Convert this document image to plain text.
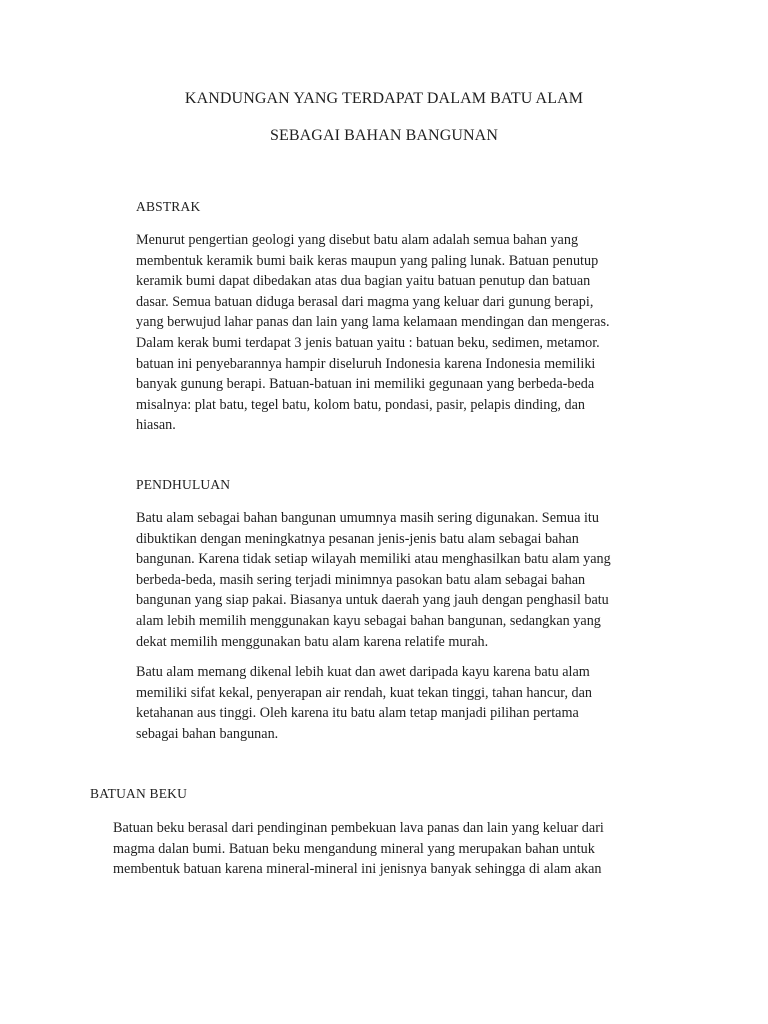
KANDUNGAN YANG TERDAPAT DALAM BATU ALAM
SEBAGAI BAHAN BANGUNAN
ABSTRAK

Menurut pengertian geologi yang disebut batu alam adalah semua bahan yang
membentuk keramik bumi baik keras maupun yang paling lunak. Batuan penutup
keramik bumi dapat dibedakan atas dua bagian yaitu batuan penutup dan batuan
dasar. Semua batuan diduga berasal dari magma yang keluar dari gunung berapi,
yang berwujud lahar panas dan lain yang lama kelamaan mendingan dan mengeras.
Dalam kerak bumi terdapat 3 jenis batuan yaitu : batuan beku, sedimen, metamor.
batuan ini penyebarannya hampir diseluruh Indonesia karena Indonesia memiliki
banyak gunung berapi. Batuan-batuan ini memiliki gegunaan yang berbeda-beda
misalnya: plat batu, tegel batu, kolom batu, pondasi, pasir, pelapis dinding, dan
hiasan.

PENDHULUAN

Batu alam sebagai bahan bangunan umumnya masih sering digunakan. Semua itu
dibuktikan dengan meningkatnya pesanan jenis-jenis batu alam sebagai bahan
bangunan. Karena tidak setiap wilayah memiliki atau menghasilkan batu alam yang
berbeda-beda, masih sering terjadi minimnya pasokan batu alam sebagai bahan
bangunan yang siap pakai. Biasanya untuk daerah yang jauh dengan penghasil batu
alam lebih memilih menggunakan kayu sebagai bahan bangunan, sedangkan yang
dekat memilih menggunakan batu alam karena relatife murah.

Batu alam memang dikenal lebih kuat dan awet daripada kayu karena batu alam
memiliki sifat kekal, penyerapan air rendah, kuat tekan tinggi, tahan hancur, dan
ketahanan aus tinggi. Oleh karena itu batu alam tetap manjadi pilihan pertama
sebagai bahan bangunan.

BATUAN BEKU

Batuan beku berasal dari pendinginan pembekuan lava panas dan lain yang keluar dari
magma dalan bumi. Batuan beku mengandung mineral yang merupakan bahan untuk
membentuk batuan karena mineral-mineral ini jenisnya banyak sehingga di alam akan
